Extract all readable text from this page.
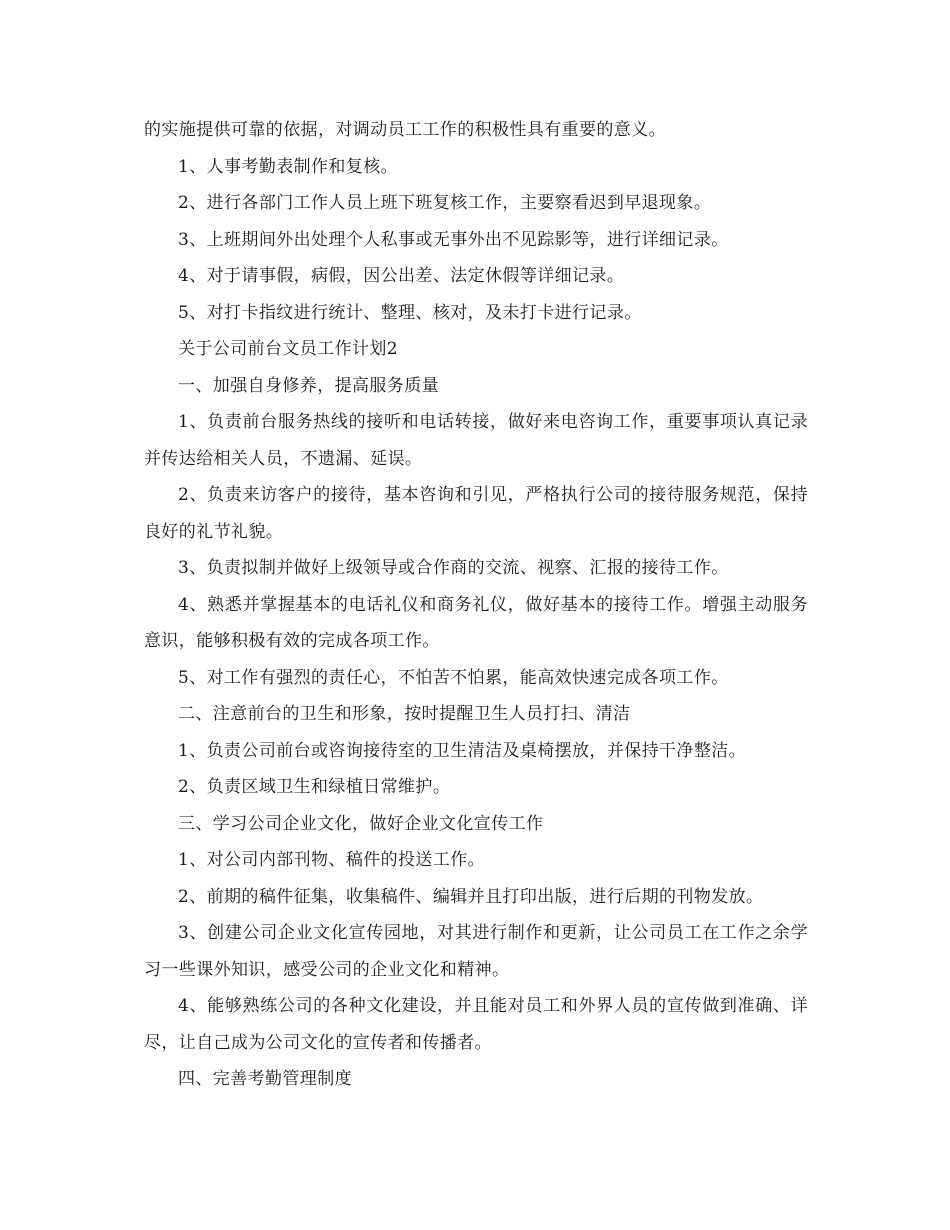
的实施提供可靠的依据，对调动员工工作的积极性具有重要的意义。

1、人事考勤表制作和复核。

2、进行各部门工作人员上班下班复核工作，主要察看迟到早退现象。

3、上班期间外出处理个人私事或无事外出不见踪影等，进行详细记录。

4、对于请事假，病假，因公出差、法定休假等详细记录。

5、对打卡指纹进行统计、整理、核对，及未打卡进行记录。

关于公司前台文员工作计划2

一、加强自身修养，提高服务质量

1、负责前台服务热线的接听和电话转接，做好来电咨询工作，重要事项认真记录并传达给相关人员，不遗漏、延误。

2、负责来访客户的接待，基本咨询和引见，严格执行公司的接待服务规范，保持良好的礼节礼貌。

3、负责拟制并做好上级领导或合作商的交流、视察、汇报的接待工作。

4、熟悉并掌握基本的电话礼仪和商务礼仪，做好基本的接待工作。增强主动服务意识，能够积极有效的完成各项工作。

5、对工作有强烈的责任心，不怕苦不怕累，能高效快速完成各项工作。

二、注意前台的卫生和形象，按时提醒卫生人员打扫、清洁

1、负责公司前台或咨询接待室的卫生清洁及桌椅摆放，并保持干净整洁。

2、负责区域卫生和绿植日常维护。

三、学习公司企业文化，做好企业文化宣传工作

1、对公司内部刊物、稿件的投送工作。

2、前期的稿件征集，收集稿件、编辑并且打印出版，进行后期的刊物发放。

3、创建公司企业文化宣传园地，对其进行制作和更新，让公司员工在工作之余学习一些课外知识，感受公司的企业文化和精神。

4、能够熟练公司的各种文化建设，并且能对员工和外界人员的宣传做到准确、详尽，让自己成为公司文化的宣传者和传播者。

四、完善考勤管理制度
